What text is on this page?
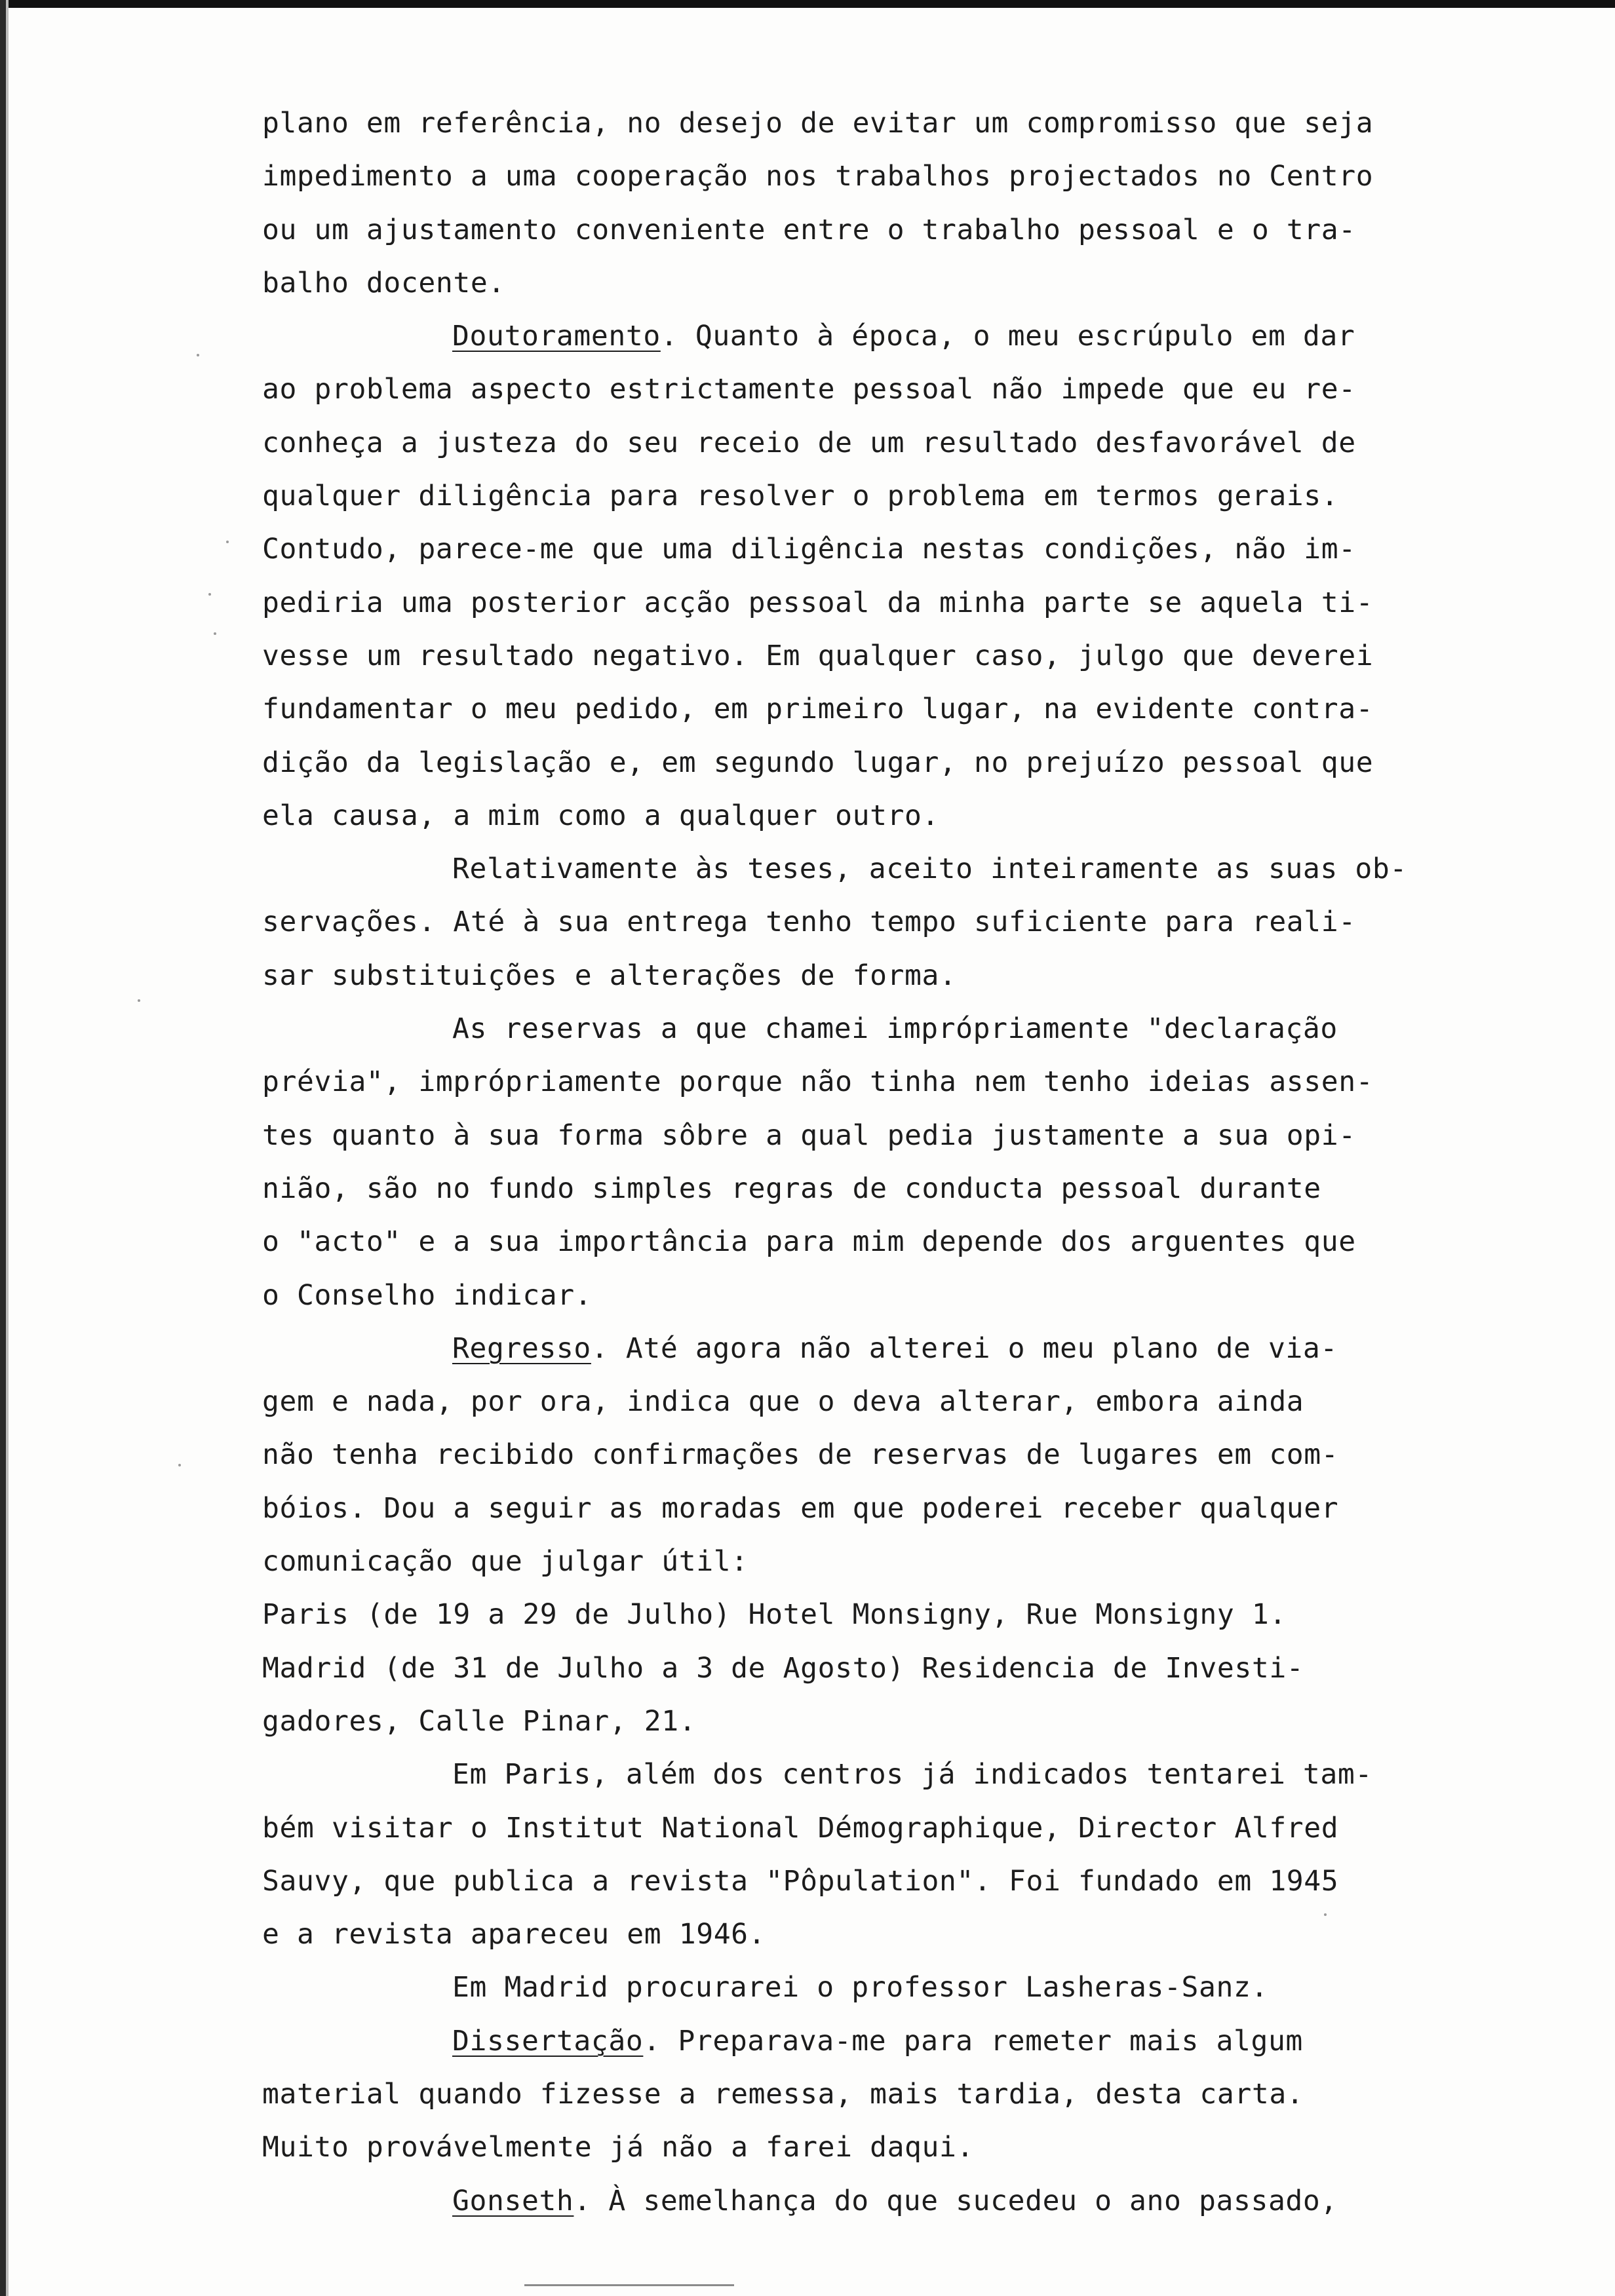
plano em referência, no desejo de evitar um compromisso que seja
impedimento a uma cooperação nos trabalhos projectados no Centro
ou um ajustamento conveniente entre o trabalho pessoal e o tra-
balho docente.
Doutoramento. Quanto à época, o meu escrúpulo em dar
ao problema aspecto estrictamente pessoal não impede que eu re-
conheça a justeza do seu receio de um resultado desfavorável de
qualquer diligência para resolver o problema em termos gerais.
Contudo, parece-me que uma diligência nestas condições, não im-
pediria uma posterior acção pessoal da minha parte se aquela ti-
vesse um resultado negativo. Em qualquer caso, julgo que deverei
fundamentar o meu pedido, em primeiro lugar, na evidente contra-
dição da legislação e, em segundo lugar, no prejuízo pessoal que
ela causa, a mim como a qualquer outro.
Relativamente às teses, aceito inteiramente as suas ob-
servações. Até à sua entrega tenho tempo suficiente para reali-
sar substituições e alterações de forma.
As reservas a que chamei imprópriamente "declaração
prévia", imprópriamente porque não tinha nem tenho ideias assen-
tes quanto à sua forma sôbre a qual pedia justamente a sua opi-
nião, são no fundo simples regras de conducta pessoal durante
o "acto" e a sua importância para mim depende dos arguentes que
o Conselho indicar.
Regresso. Até agora não alterei o meu plano de via-
gem e nada, por ora, indica que o deva alterar, embora ainda
não tenha recibido confirmações de reservas de lugares em com-
bóios. Dou a seguir as moradas em que poderei receber qualquer
comunicação que julgar útil:
Paris (de 19 a 29 de Julho) Hotel Monsigny, Rue Monsigny 1.
Madrid (de 31 de Julho a 3 de Agosto) Residencia de Investi-
gadores, Calle Pinar, 21.
Em Paris, além dos centros já indicados tentarei tam-
bém visitar o Institut National Démographique, Director Alfred
Sauvy, que publica a revista "Pôpulation". Foi fundado em 1945
e a revista apareceu em 1946.
Em Madrid procurarei o professor Lasheras-Sanz.
Dissertação. Preparava-me para remeter mais algum
material quando fizesse a remessa, mais tardia, desta carta.
Muito provávelmente já não a farei daqui.
Gonseth. À semelhança do que sucedeu o ano passado,
